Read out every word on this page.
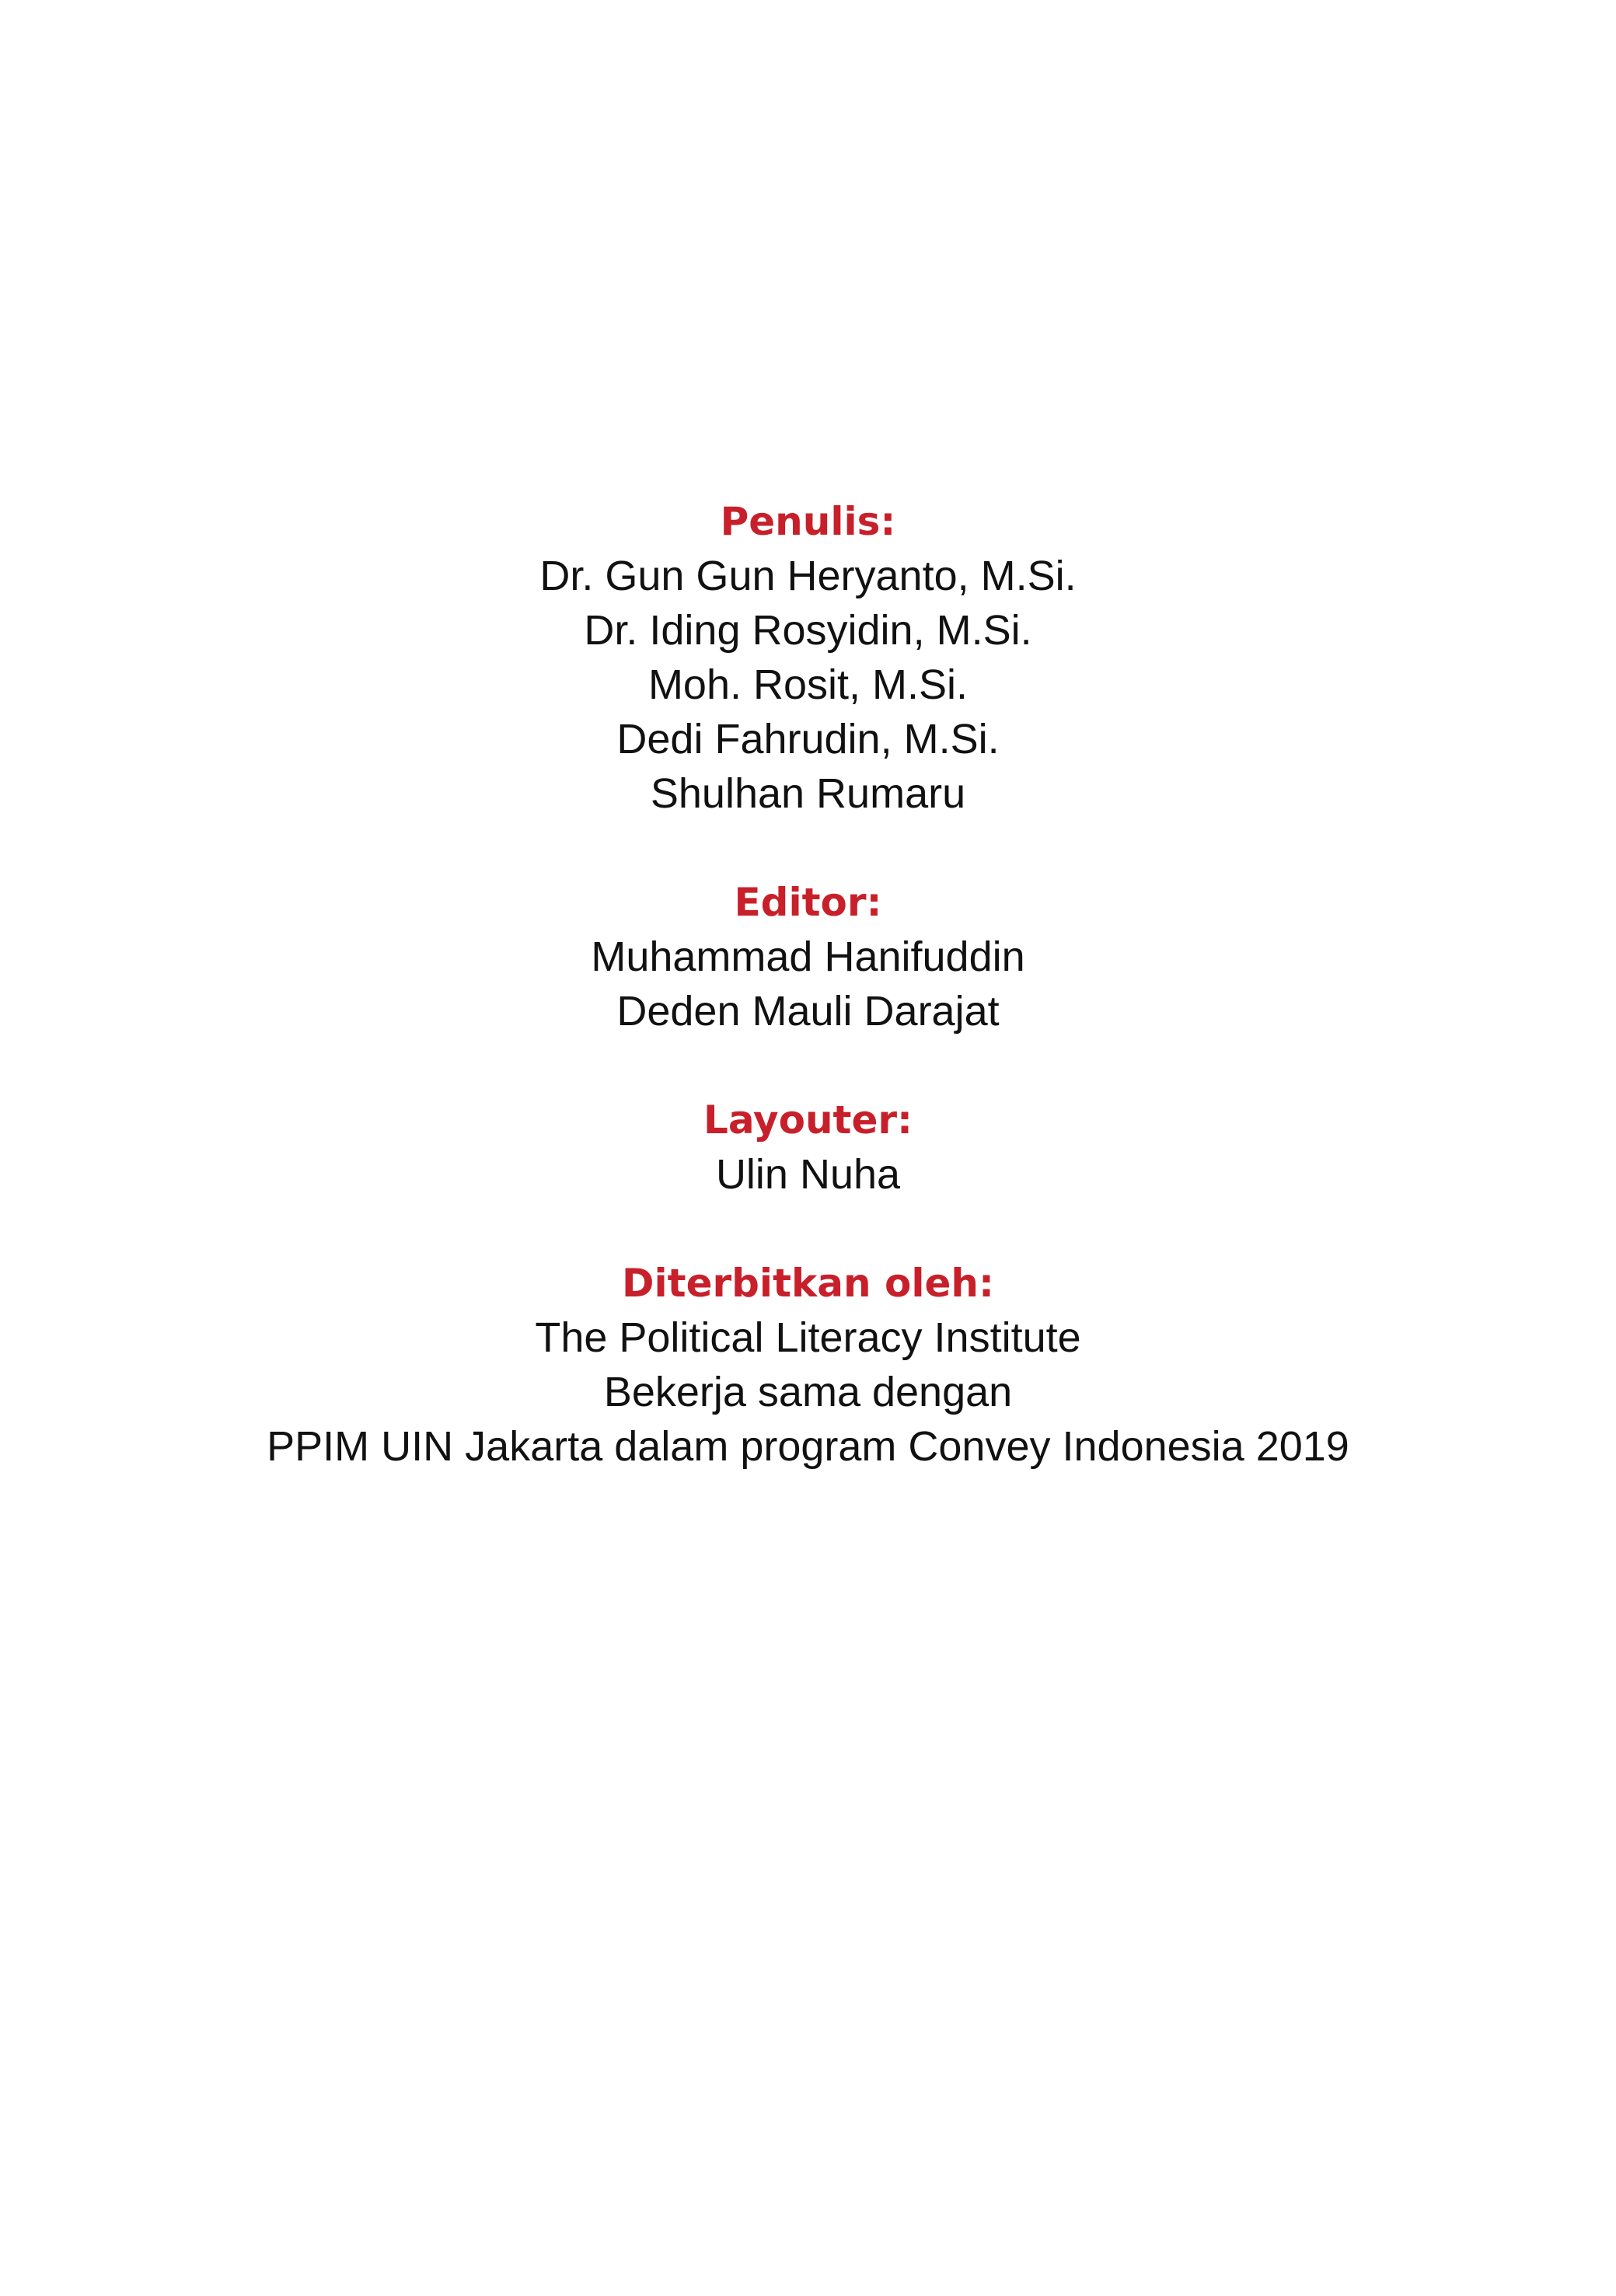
Penulis:

Dr. Gun Gun Heryanto, M.Si.

Dr. Iding Rosyidin, M.Si.

Moh. Rosit, M.Si.

Dedi Fahrudin, M.Si.

Shulhan Rumaru

Editor:

Muhammad Hanifuddin

Deden Mauli Darajat

Layouter:

Ulin Nuha

Diterbitkan oleh:

The Political Literacy Institute

Bekerja sama dengan

PPIM UIN Jakarta dalam program Convey Indonesia 2019
